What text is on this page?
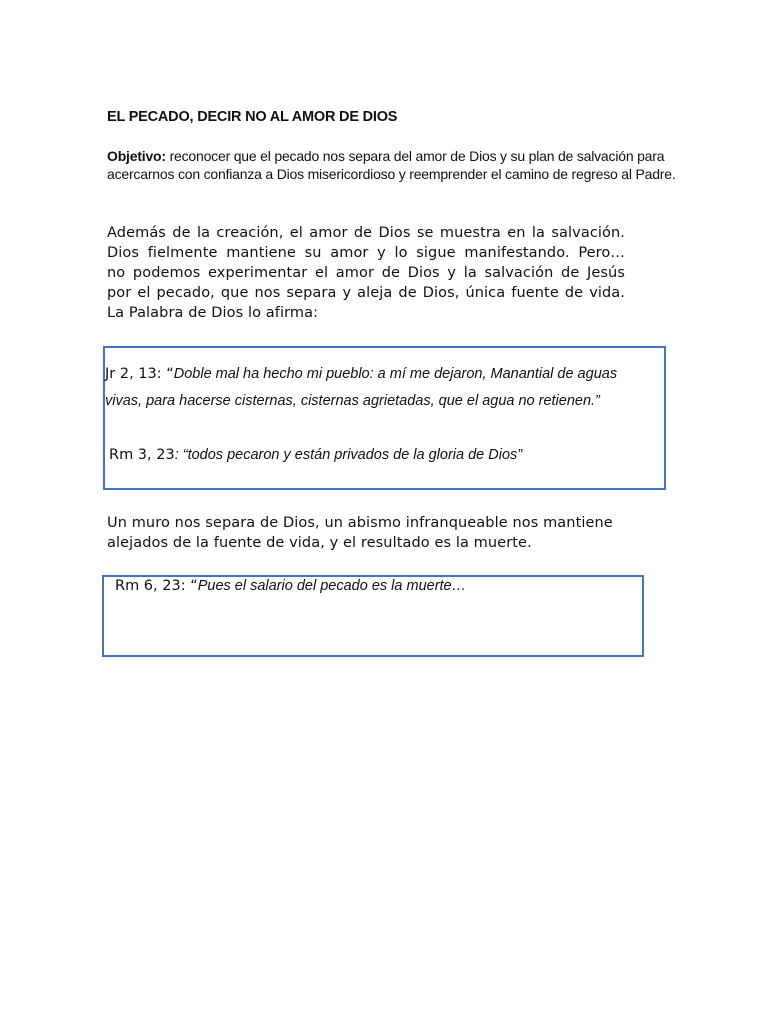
EL PECADO, DECIR NO AL AMOR DE DIOS

Objetivo: reconocer que el pecado nos separa del amor de Dios y su plan de salvación para acercarnos con confianza a Dios misericordioso y reemprender el camino de regreso al Padre.

Además de la creación, el amor de Dios se muestra en la salvación.
Dios fielmente mantiene su amor y lo sigue manifestando. Pero…
no podemos experimentar el amor de Dios y la salvación de Jesús
por el pecado, que nos separa y aleja de Dios, única fuente de vida.
La Palabra de Dios lo afirma:
Jr 2, 13: “Doble mal ha hecho mi pueblo: a mí me dejaron, Manantial de aguas
vivas, para hacerse cisternas, cisternas agrietadas, que el agua no retienen.”
Rm 3, 23: “todos pecaron y están privados de la gloria de Dios”
Un muro nos separa de Dios, un abismo infranqueable nos mantiene
alejados de la fuente de vida, y el resultado es la muerte.
Rm 6, 23: “Pues el salario del pecado es la muerte…
